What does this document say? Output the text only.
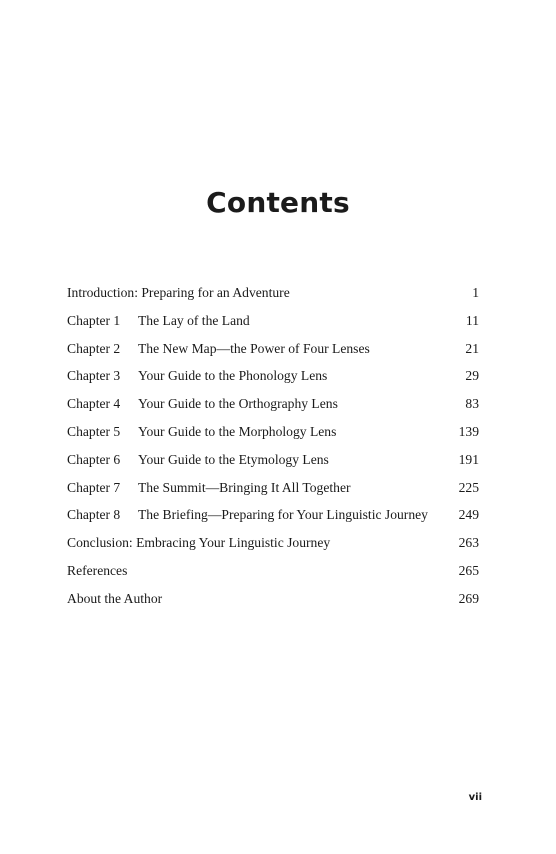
Contents
Introduction: Preparing for an Adventure	1
Chapter 1 The Lay of the Land	11
Chapter 2 The New Map—the Power of Four Lenses	21
Chapter 3 Your Guide to the Phonology Lens	29
Chapter 4 Your Guide to the Orthography Lens	83
Chapter 5 Your Guide to the Morphology Lens	139
Chapter 6 Your Guide to the Etymology Lens	191
Chapter 7 The Summit—Bringing It All Together	225
Chapter 8 The Briefing—Preparing for Your Linguistic Journey 249
Conclusion: Embracing Your Linguistic Journey	263
References	265
About the Author	269
vii
